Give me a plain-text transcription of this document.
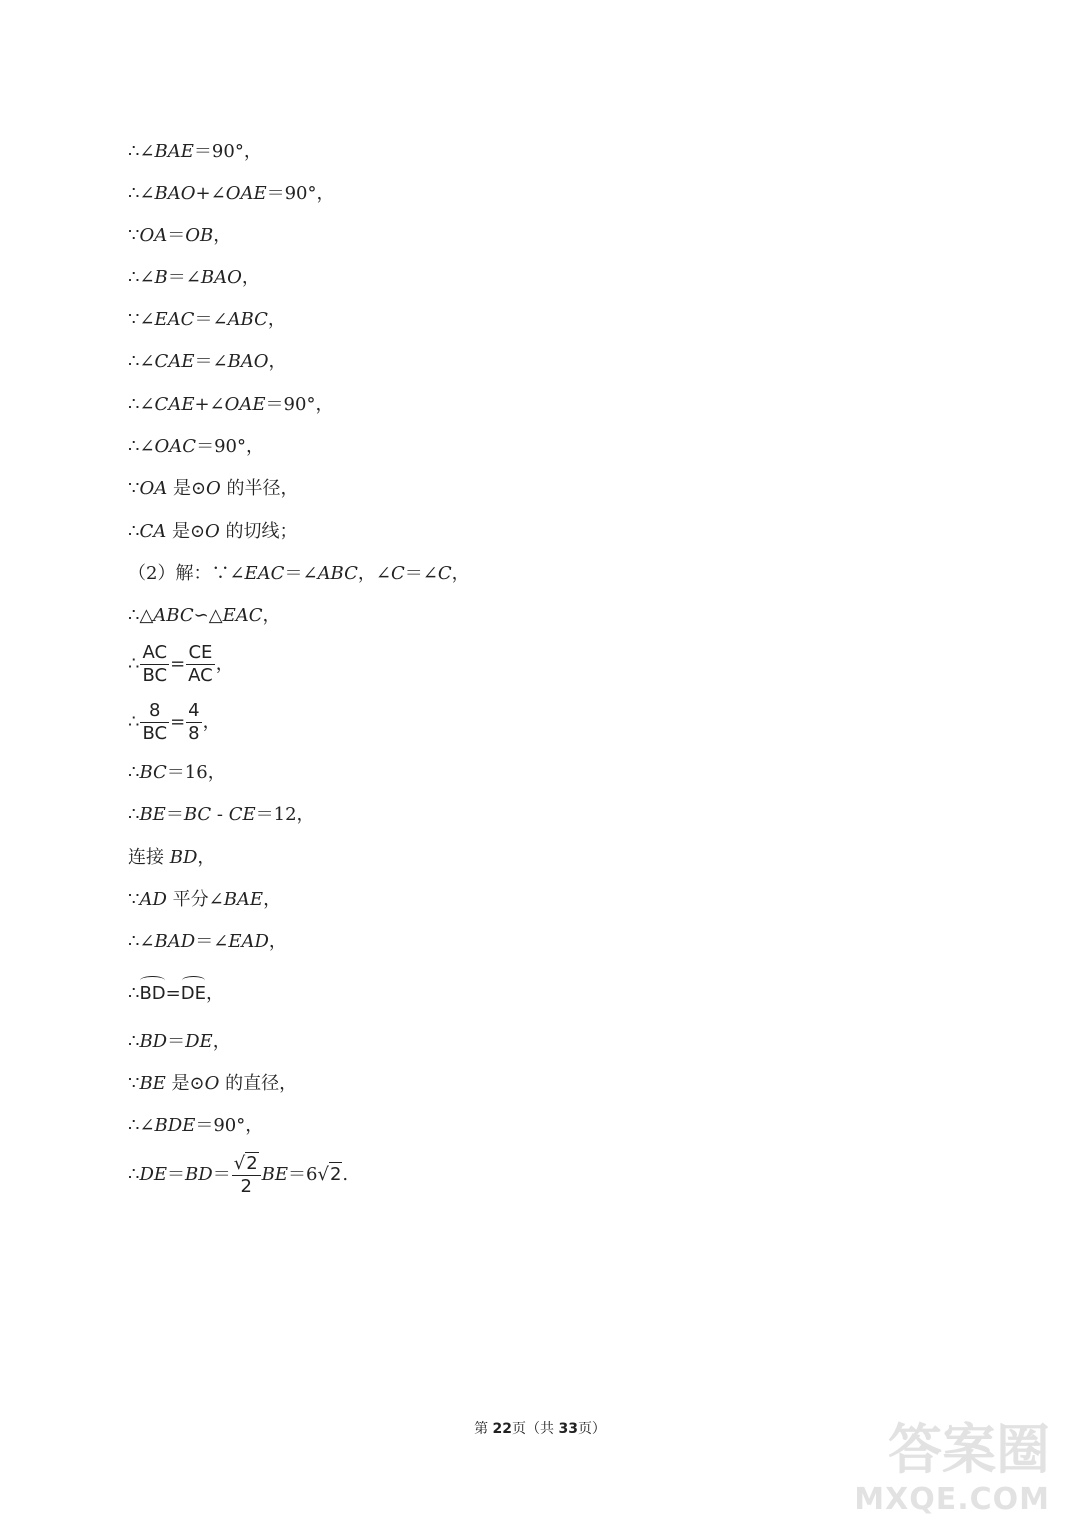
∴∠BAE＝90°，
∴∠BAO+∠OAE＝90°，
∵OA＝OB，
∴∠B＝∠BAO，
∵∠EAC＝∠ABC，
∴∠CAE＝∠BAO，
∴∠CAE+∠OAE＝90°，
∴∠OAC＝90°，
∵OA 是⊙O 的半径，
∴CA 是⊙O 的切线；
（2）解：∵∠EAC＝∠ABC，∠C＝∠C，
∴△ABC∽△EAC，
∴ $\frac{AC}{BC} = \frac{CE}{AC}$ ，
∴ $\frac{8}{BC} = \frac{4}{8}$ ，
∴BC＝16，
∴BE＝BC - CE＝12，
连接 BD，
∵AD 平分∠BAE，
∴∠BAD＝∠EAD，
∴BD=DE，
∴BD＝DE，
∵BE 是⊙O 的直径，
∴∠BDE＝90°，
∴DE＝BD＝ $\frac{√2}{2} BE=6√2$.
第 22页（共 33页）	答案圈
MXQE.COM
